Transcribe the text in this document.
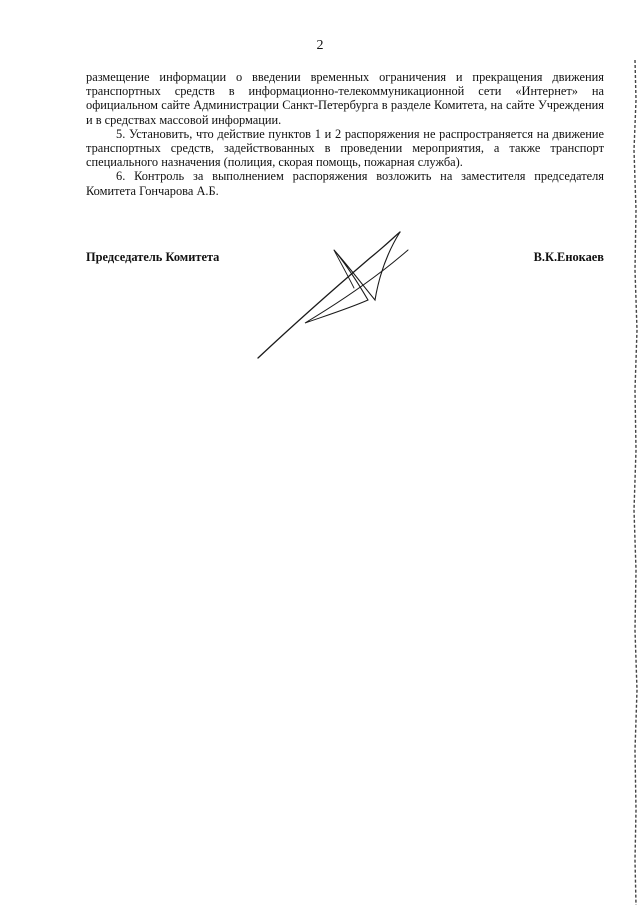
2

размещение информации о введении временных ограничения и прекращения движения транспортных средств в информационно-телекоммуникационной сети «Интернет» на официальном сайте Администрации Санкт-Петербурга в разделе Комитета, на сайте Учреждения и в средствах массовой информации.

5. Установить, что действие пунктов 1 и 2 распоряжения не распространяется на движение транспортных средств, задействованных в проведении мероприятия, а также транспорт специального назначения (полиция, скорая помощь, пожарная служба).

6. Контроль за выполнением распоряжения возложить на заместителя председателя Комитета Гончарова А.Б.

Председатель Комитета	В.К.Енокаев
